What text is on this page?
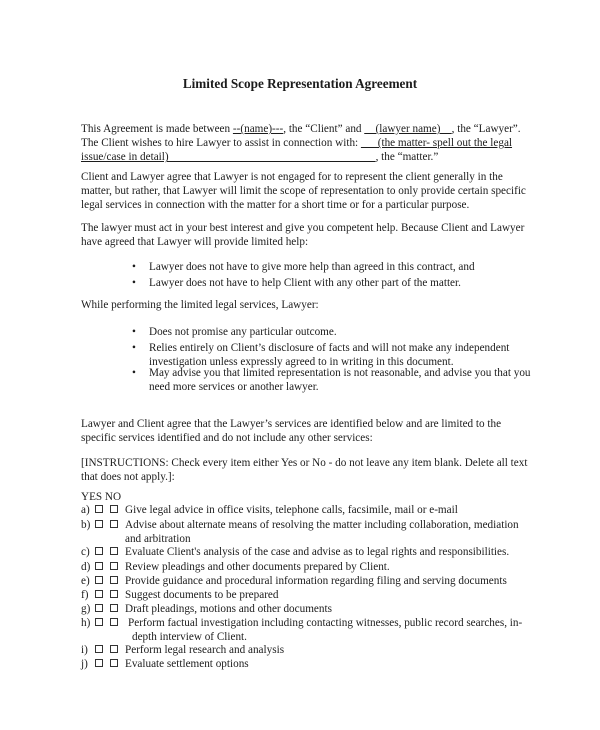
Limited Scope Representation Agreement
This Agreement is made between --(name)---, the “Client” and __(lawyer name)__, the “Lawyer”.
The Client wishes to hire Lawyer to assist in connection with: ___(the matter- spell out the legal
issue/case in detail)_____________________________________, the “matter.”
Client and Lawyer agree that Lawyer is not engaged for to represent the client generally in the
matter, but rather, that Lawyer will limit the scope of representation to only provide certain specific
legal services in connection with the matter for a short time or for a particular purpose.
The lawyer must act in your best interest and give you competent help. Because Client and Lawyer
have agreed that Lawyer will provide limited help:
• Lawyer does not have to give more help than agreed in this contract, and
• Lawyer does not have to help Client with any other part of the matter.
While performing the limited legal services, Lawyer:
• Does not promise any particular outcome.
• Relies entirely on Client’s disclosure of facts and will not make any independent
investigation unless expressly agreed to in writing in this document.
• May advise you that limited representation is not reasonable, and advise you that you
need more services or another lawyer.
Lawyer and Client agree that the Lawyer’s services are identified below and are limited to the
specific services identified and do not include any other services:
[INSTRUCTIONS: Check every item either Yes or No - do not leave any item blank. Delete all text
that does not apply.]:
YES NO
a)	Give legal advice in office visits, telephone calls, facsimile, mail or e-mail
b)	Advise about alternate means of resolving the matter including collaboration, mediation
and arbitration
c)	Evaluate Client's analysis of the case and advise as to legal rights and responsibilities.
d)	Review pleadings and other documents prepared by Client.
e)	Provide guidance and procedural information regarding filing and serving documents
f)	Suggest documents to be prepared
g)	Draft pleadings, motions and other documents
h)	Perform factual investigation including contacting witnesses, public record searches, in-
depth interview of Client.
i)	Perform legal research and analysis
j)	Evaluate settlement options
